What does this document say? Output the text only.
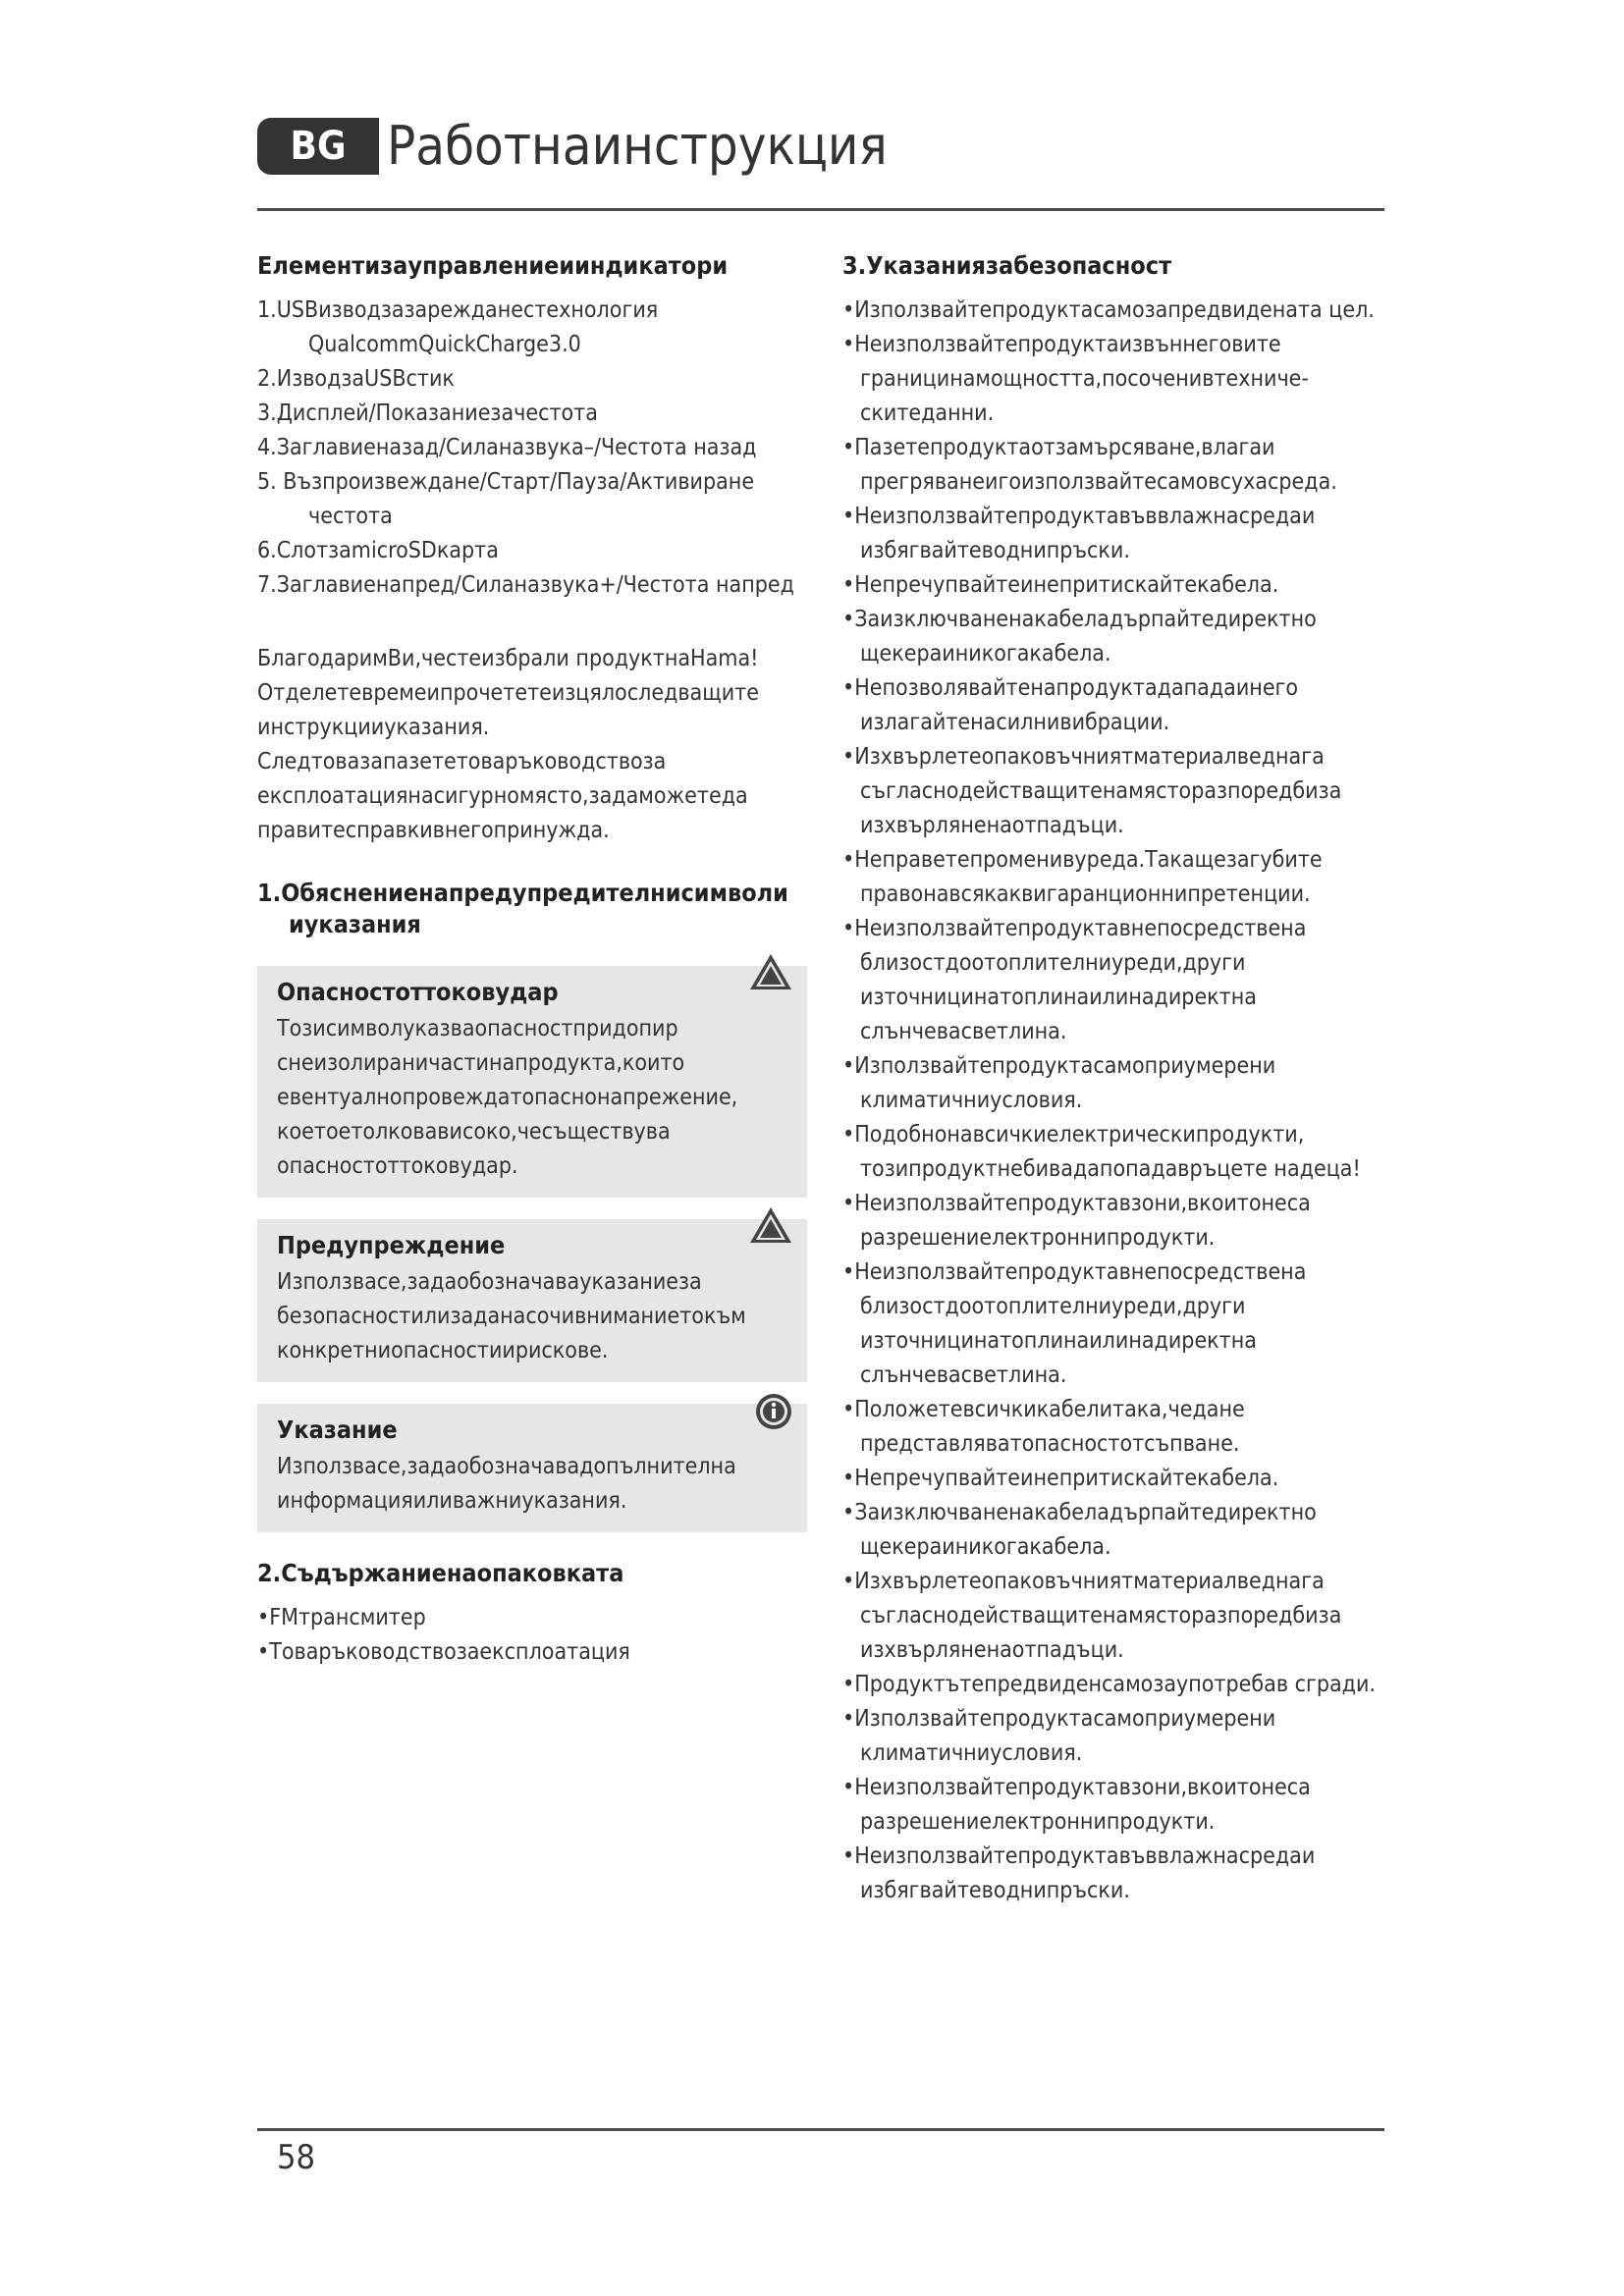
BG Работнаинструкция
Елементизауправлениеииндикатори
1.USBизводзазарежданестехнология QualcommQuickCharge3.0
2.ИзводзаUSBстик
3.Дисплей/Показаниезачестота
4.Заглавиеназад/Силаназвука–/Честота назад
5. Възпроизвеждане/Старт/Пауза/Активиране честота
6.СлотзаmicroSDкарта
7.Заглавиенапред/Силаназвука+/Честота напред

БлагодаримВи,честеизбрали продуктнаHama!

Отделетевремеипрочететеизцялоследващите инструкцииуказания.

Следтовазапазететоваръководствозa експлоатациянасигурномясто,задаможетеда правитесправкивнегопринужда.

1.Обяснениенапредупредителнисимволи иуказания
Опасностоттоковудар

Тозисимволуказваопасностпридопир снеизолираничастинапродукта,които евентуалнопровеждатопаснонапрежение, коетоетолковависоко,чесъществува опасностоттоковудар.

Предупреждение

Използвасе,задаобозначавауказаниеза безопасностилизаданасочивниманиетокъм конкретниопасностиирискове.

Указание

Използвасе,задаобозначавадопълнителна информацияиливажниуказания.

2.Съдържаниенаопаковката
•FMтрансмитер
•Товаръководствозаексплоатация
3.Указаниязабезопасност
•Използвайтепродуктасамозапредвидената цел.
•Неизползвайтепродуктаизвъннеговите границинамощността,посоченивтехниче- скитеданни.
•Пазетепродуктаотзамърсяване,влагаи прегряванеигоизползвайтесамовсухасреда.
•Неизползвайтепродуктавъввлажнасредаи избягвайтеводнипръски.
•Непречупвайтеинепритискайтекабела.
•Заизключваненакабеладърпайтедиректно щекераиникогакабела.
•Непозволявайтенапродуктадападаинего излагайтенасилнивибрации.
•Изхвърлетеопаковъчниятматериалведнага съгласнодействащитенамясторазпоредбиза изхвърляненаотпадъци.
•Неправетепроменивуреда.Такащезагубите правонавсякаквигаранционнипретенции.
•Неизползвайтепродуктавнепосредствена близостдоотоплителниуреди,други източницинатоплинаилинадиректна слънчевасветлина.
•Използвайтепродуктасамоприумерени климатичниусловия.
•Подобнонавсичкиелектрическипродукти, тозипродуктнебивадапопадавръцете надеца!
•Неизползвайтепродуктавзони,вкоитонеса разрешениелектроннипродукти.
•Неизползвайтепродуктавнепосредствена близостдоотоплителниуреди,други източницинатоплинаилинадиректна слънчевасветлина.
•Положетевсичкикабелитака,чедане представляватопасностотсъпване.
•Непречупвайтеинепритискайтекабела.
•Заизключваненакабеладърпайтедиректно щекераиникогакабела.
•Изхвърлетеопаковъчниятматериалведнага съгласнодействащитенамясторазпоредбиза изхвърляненаотпадъци.
•Продуктътепредвиденсамозаупотребав сгради.
•Използвайтепродуктасамоприумерени климатичниусловия.
•Неизползвайтепродуктавзони,вкоитонеса разрешениелектроннипродукти.
•Неизползвайтепродуктавъввлажнасредаи избягвайтеводнипръски.
58
